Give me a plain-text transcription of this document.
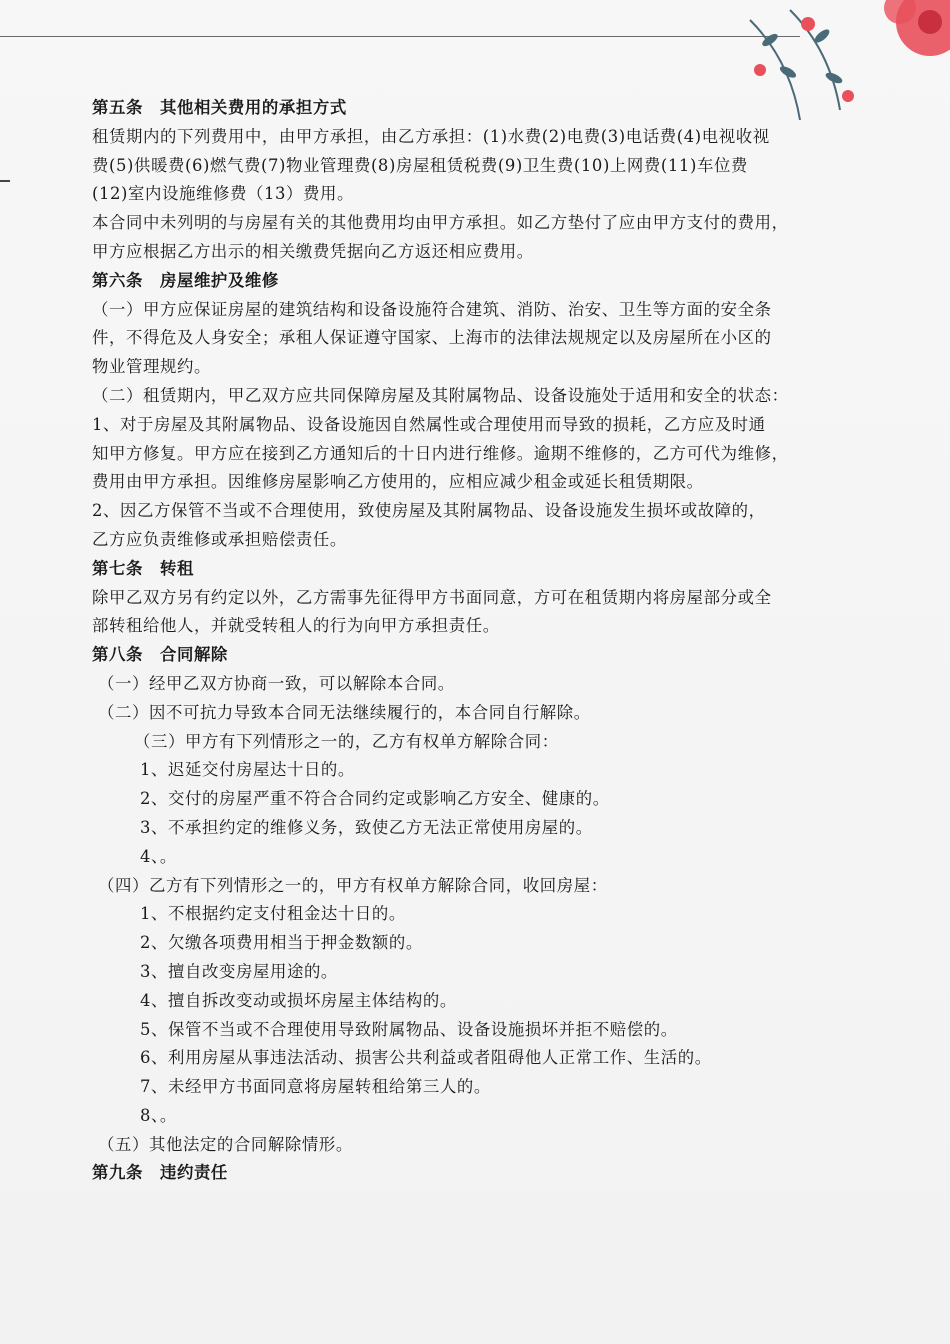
第五条　其他相关费用的承担方式
租赁期内的下列费用中，由甲方承担，由乙方承担：(1)水费(2)电费(3)电话费(4)电视收视
费(5)供暖费(6)燃气费(7)物业管理费(8)房屋租赁税费(9)卫生费(10)上网费(11)车位费
(12)室内设施维修费（13）费用。
本合同中未列明的与房屋有关的其他费用均由甲方承担。如乙方垫付了应由甲方支付的费用，
甲方应根据乙方出示的相关缴费凭据向乙方返还相应费用。
第六条　房屋维护及维修
（一）甲方应保证房屋的建筑结构和设备设施符合建筑、消防、治安、卫生等方面的安全条
件，不得危及人身安全；承租人保证遵守国家、上海市的法律法规规定以及房屋所在小区的
物业管理规约。
（二）租赁期内，甲乙双方应共同保障房屋及其附属物品、设备设施处于适用和安全的状态：
1、对于房屋及其附属物品、设备设施因自然属性或合理使用而导致的损耗，乙方应及时通
知甲方修复。甲方应在接到乙方通知后的十日内进行维修。逾期不维修的，乙方可代为维修，
费用由甲方承担。因维修房屋影响乙方使用的，应相应减少租金或延长租赁期限。
2、因乙方保管不当或不合理使用，致使房屋及其附属物品、设备设施发生损坏或故障的，
乙方应负责维修或承担赔偿责任。
第七条　转租
除甲乙双方另有约定以外，乙方需事先征得甲方书面同意，方可在租赁期内将房屋部分或全
部转租给他人，并就受转租人的行为向甲方承担责任。
第八条　合同解除
（一）经甲乙双方协商一致，可以解除本合同。
（二）因不可抗力导致本合同无法继续履行的，本合同自行解除。
（三）甲方有下列情形之一的，乙方有权单方解除合同：
1、迟延交付房屋达十日的。
2、交付的房屋严重不符合合同约定或影响乙方安全、健康的。
3、不承担约定的维修义务，致使乙方无法正常使用房屋的。
4、。
（四）乙方有下列情形之一的，甲方有权单方解除合同，收回房屋：
1、不根据约定支付租金达十日的。
2、欠缴各项费用相当于押金数额的。
3、擅自改变房屋用途的。
4、擅自拆改变动或损坏房屋主体结构的。
5、保管不当或不合理使用导致附属物品、设备设施损坏并拒不赔偿的。
6、利用房屋从事违法活动、损害公共利益或者阻碍他人正常工作、生活的。
7、未经甲方书面同意将房屋转租给第三人的。
8、。
（五）其他法定的合同解除情形。
第九条　违约责任
